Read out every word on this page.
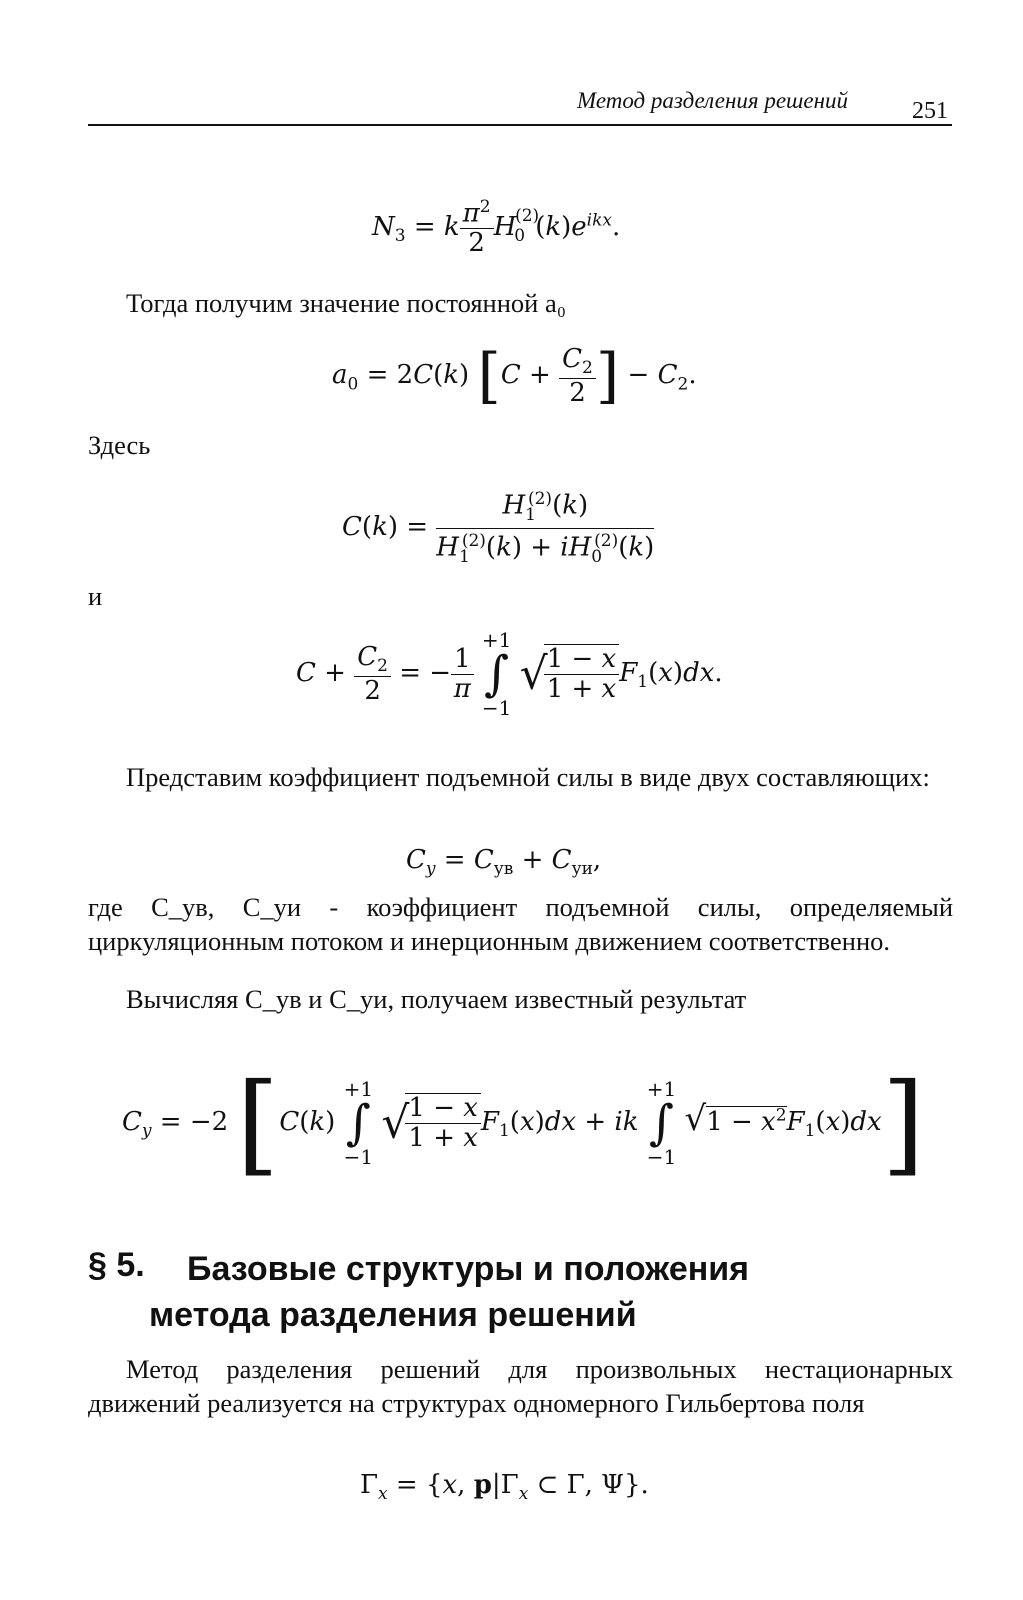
Метод разделения решений	251
$N_3 = k \frac{\pi^2}{2} H_0^{(2)}(k)e^{ikx}$.
Тогда получим значение постоянной a₀
$a_0 = 2C(k) [C + \frac{C_2}{2}$ ] − $C_2$.
Здесь
$C(k) = \frac{H_1^{(2)}(k)}{H_1^{(2)}(k) + iH_0^{(2)}(k)}$
и
$C + \frac{C_2}{2}$ = − $\frac{1}{\pi}$

+1
∫
−1
√
$\frac{1 - x}{1 + x} F_1(x)dx$.
Представим коэффициент подъемной силы в виде двух составляющих:
$C_y = C_{ув} + C_{уи}$,
где C_ув, C_уи - коэффициент подъемной силы, определяемый циркуляционным потоком и инерционным движением соответственно.
Вычисляя C_ув и C_уи, получаем известный результат
$C_y = -2$ [C(k)
+1
∫
−1
√
$\frac{1 - x}{1 + x} F_1(x)dx$ + ik
+1
∫
−1
$√1 - x^2F_1(x)dx$]
§ 5. Базовые структуры и положения
метода разделения решений
Метод разделения решений для произвольных нестационарных движений реализуется на структурах одномерного Гильбертова поля
$\Gamma_x = \{x$, $p|\Gamma_x$ ⊂ Γ, Ψ}.
